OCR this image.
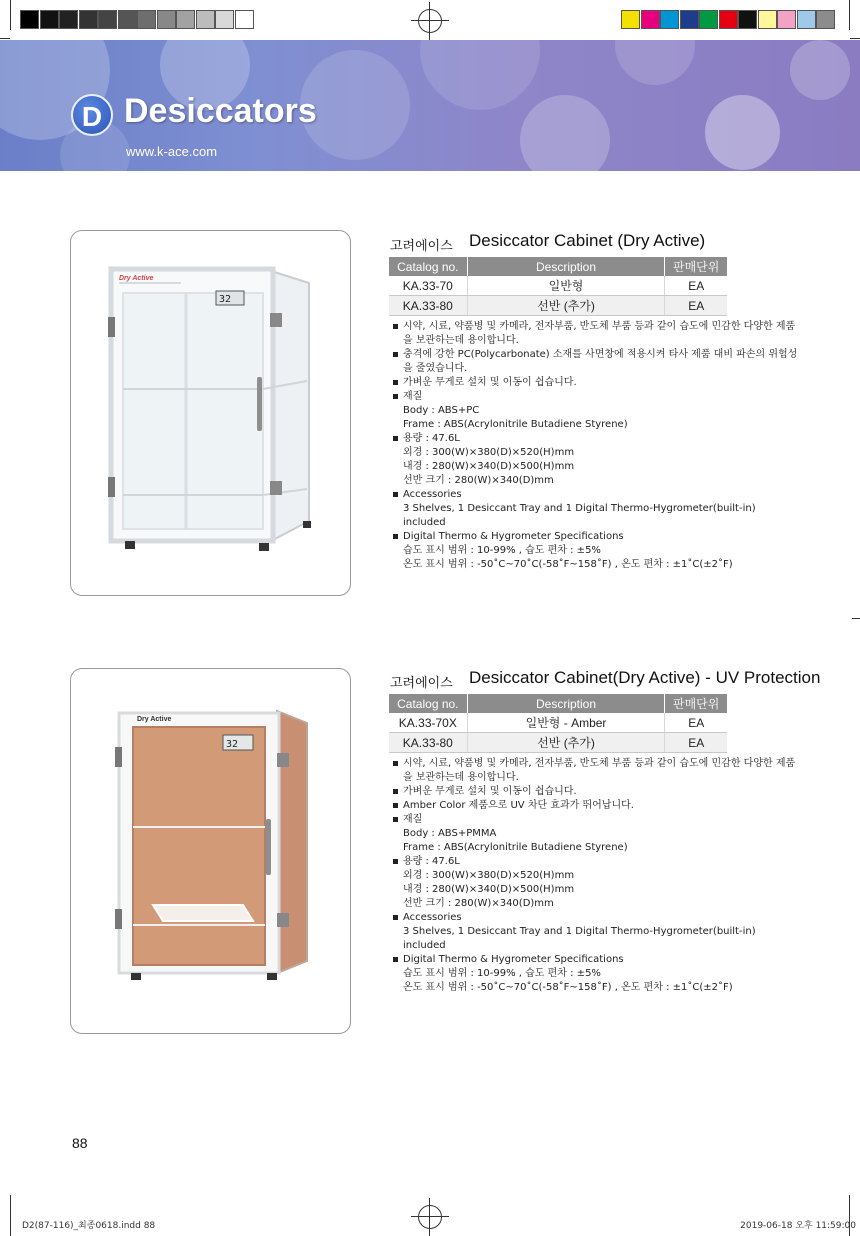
D Desiccators
www.k-ace.com
32
Dry Active
고려에이스 Desiccator Cabinet (Dry Active)
Catalog no.	Description	판매단위
KA.33-70	일반형	EA
KA.33-80	선반 (추가)	EA
시약, 시료, 약품병 및 카메라, 전자부품, 반도체 부품 등과 같이 습도에 민감한 다양한 제품
을 보관하는데 용이합니다.
충격에 강한 PC(Polycarbonate) 소재를 사면창에 적용시켜 타사 제품 대비 파손의 위험성
을 줄였습니다.
가벼운 무게로 설치 및 이동이 쉽습니다.
재질
Body : ABS+PC
Frame : ABS(Acrylonitrile Butadiene Styrene)
용량 : 47.6L
외경 : 300(W)×380(D)×520(H)mm
내경 : 280(W)×340(D)×500(H)mm
선반 크기 : 280(W)×340(D)mm
Accessories
3 Shelves, 1 Desiccant Tray and 1 Digital Thermo-Hygrometer(built-in) included
Digital Thermo & Hygrometer Specifications
습도 표시 범위 : 10-99% , 습도 편차 : ±5%
온도 표시 범위 : -50˚C~70˚C(-58˚F~158˚F) , 온도 편차 : ±1˚C(±2˚F)
32
Dry Active
고려에이스 Desiccator Cabinet(Dry Active) - UV Protection
Catalog no.	Description	판매단위
KA.33-70X	일반형 - Amber	EA
KA.33-80	선반 (추가)	EA
시약, 시료, 약품병 및 카메라, 전자부품, 반도체 부품 등과 같이 습도에 민감한 다양한 제품
을 보관하는데 용이합니다.
가벼운 무게로 설치 및 이동이 쉽습니다.
Amber Color 제품으로 UV 차단 효과가 뛰어납니다.
재질
Body : ABS+PMMA
Frame : ABS(Acrylonitrile Butadiene Styrene)
용량 : 47.6L
외경 : 300(W)×380(D)×520(H)mm
내경 : 280(W)×340(D)×500(H)mm
선반 크기 : 280(W)×340(D)mm
Accessories
3 Shelves, 1 Desiccant Tray and 1 Digital Thermo-Hygrometer(built-in) included
Digital Thermo & Hygrometer Specifications
습도 표시 범위 : 10-99% , 습도 편차 : ±5%
온도 표시 범위 : -50˚C~70˚C(-58˚F~158˚F) , 온도 편차 : ±1˚C(±2˚F)
88
D2(87-116)_최종0618.indd 88	2019-06-18 오후 11:59:00
